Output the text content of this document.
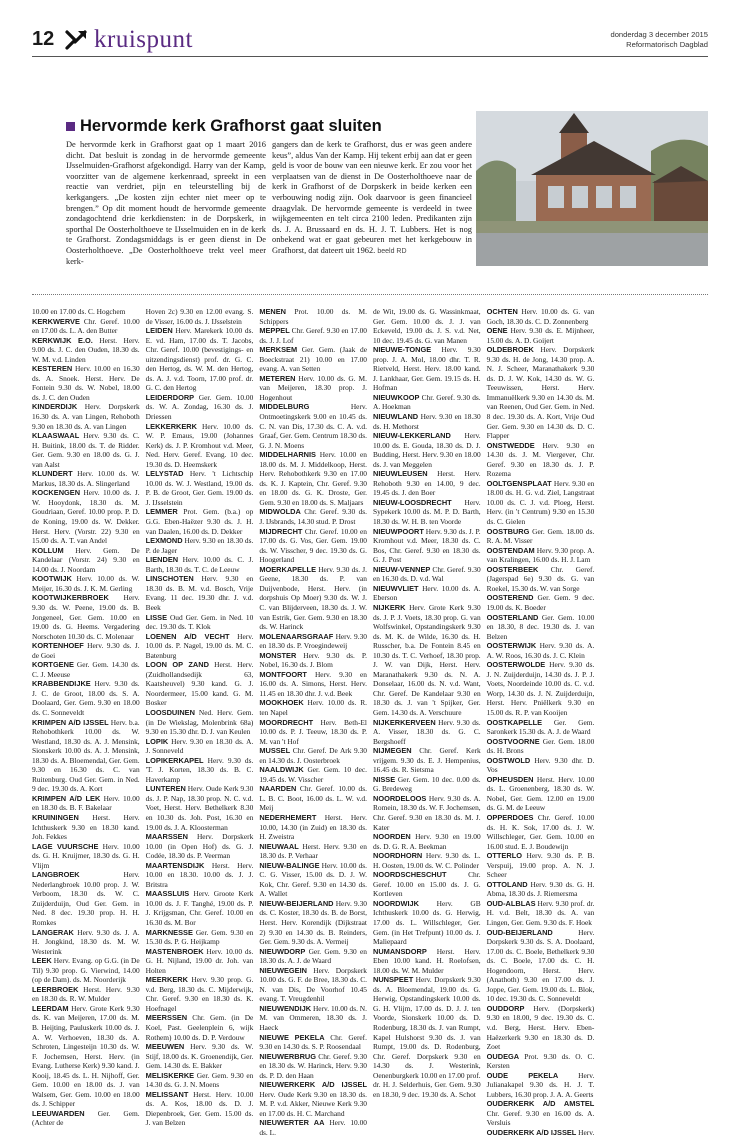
12 kruispunt	donderdag 3 december 2015
Reformatorisch Dagblad
Hervormde kerk Grafhorst gaat sluiten

De hervormde kerk in Grafhorst gaat op 1 maart 2016 dicht. Dat besluit is zondag in de hervormde gemeente IJsselmuiden-Grafhorst afgekondigd. Harry van der Kamp, voorzitter van de algemene kerkenraad, spreekt in een reactie van verdriet, pijn en teleurstelling bij de kerkgangers. „De kosten zijn echter niet meer op te brengen.” Op dit moment houdt de hervormde gemeente zondagochtend drie kerkdiensten: in de Dorpskerk, in sporthal De Oosterholthoeve te IJsselmuiden en in de kerk te Grafhorst. Zondagsmiddags is er geen dienst in De Oosterholthoeve. „De Oosterholthoeve trekt veel meer kerk-

gangers dan de kerk te Grafhorst, dus er was geen andere keus”, aldus Van der Kamp. Hij tekent erbij aan dat er geen geld is voor de bouw van een nieuwe kerk. Er zou voor het verplaatsen van de dienst in De Oosterholthoeve naar de kerk in Grafhorst of de Dorpskerk in beide kerken een verbouwing nodig zijn. Ook daarvoor is geen financieel draagvlak. De hervormde gemeente is verdeeld in twee wijkgemeenten en telt circa 2100 leden. Predikanten zijn ds. J. A. Brussaard en ds. H. J. T. Lubbers. Het is nog onbekend wat er gaat gebeuren met het kerkgebouw in Grafhorst, dat dateert uit 1962. beeld RD

10.00 en 17.00 ds. C. Hogchem
KERKWERVE Chr. Geref. 10.00 en 17.00 ds. L. A. den Butter
KERKWIJK E.O. Herst. Herv. 9.00 ds. J. C. den Ouden, 18.30 ds. W. M. v.d. Linden
KESTEREN Herv. 10.00 en 16.30 ds. A. Snoek. Herst. Herv. De Fontein 9.30 ds. W. Nobel, 18.00 ds. J. C. den Ouden
KINDERDIJK Herv. Dorpskerk 16.30 ds. A. van Lingen, Rehoboth 9.30 en 18.30 ds. A. van Lingen
KLAASWAAL Herv. 9.30 ds. C. H. Buitink, 18.00 ds. T. de Ridder. Ger. Gem. 9.30 en 18.00 ds. G. J. van Aalst
KLUNDERT Herv. 10.00 ds. W. Markus, 18.30 ds. A. Slingerland
KOCKENGEN Herv. 10.00 ds. J. W. Hooydonk, 18.30 ds. M. Goudriaan, Geref. 10.00 prop. P. D. de Koning, 19.00 ds. W. Dekker. Herst. Herv. (Vorstr. 22) 9.30 en 15.00 ds. A. T. van Andel
KOLLUM Herv. Gem. De Kandelaar (Vorstr. 24) 9.30 en 14.00 ds. J. Noordam
KOOTWIJK Herv. 10.00 ds. W. Meijer, 16.30 ds. J. K. M. Gerling
KOOTWIJKERBROEK Herv. 9.30 ds. W. Peene, 19.00 ds. B. Jongeneel, Ger. Gem. 10.00 en 19.00 ds. G. Heems. Vergadering Norschoten 10.30 ds. C. Molenaar
KORTENHOEF Herv. 9.30 ds. J. de Goei
KORTGENE Ger. Gem. 14.30 ds. C. J. Meeuse
KRABBENDIJKE Herv. 9.30 ds. J. C. de Groot, 18.00 ds. S. A. Doolaard, Ger. Gem. 9.30 en 18.00 ds. C. Sonneveldt
KRIMPEN A/D IJSSEL Herv. b.a. Rehobothkerk 10.00 ds. W. Westland, 18.30 ds. A. J. Mensink, Sionskerk 10.00 ds. A. J. Mensink, 18.30 ds. A. Bloemendal, Ger. Gem. 9.30 en 16.30 ds. C. van Ruitenburg. Oud Ger. Gem. in Ned. 9 dec. 19.30 ds. A. Kort
KRIMPEN A/D LEK Herv. 10.00 en 18.30 ds. B. F. Bakelaar
KRUININGEN Herst. Herv. Ichthuskerk 9.30 en 18.30 kand. Joh. Fekkes
LAGE VUURSCHE Herv. 10.00 ds. G. H. Kruijmer, 18.30 ds. G. H. Vlijm
LANGBROEK Herv. Nederlangbroek 10.00 prop. J. W. Verboom, 18.30 ds. W. C. Zuijderduijn, Oud Ger. Gem. in Ned. 8 dec. 19.30 prop. H. H. Romkes
LANGERAK Herv. 9.30 ds. J. A. H. Jongkind, 18.30 ds. M. W. Westerink
LEEK Herv. Evang. op G.G. (in De Til) 9.30 prop. G. Vierwind, 14.00 (op de Dam). ds. M. Noorderijk
LEERBROEK Herst. Herv. 9.30 en 18.30 ds. R. W. Mulder
LEERDAM Herv. Grote Kerk 9.30 ds. K. van Meijeren, 17.00 ds. M. B. Heijting, Pauluskerk 10.00 ds. J. A. W. Verhoeven, 18.30 ds. A. Schroten, Lingesteijn 10.30 ds. W. F. Jochemsen, Herst. Herv. (in Evang. Lutherse Kerk) 9.30 kand. J. Kooij, 18.45 ds. L. H. Nijhoff, Ger. Gem. 10.00 en 18.00 ds. J. van Walsem, Ger. Gem. 10.00 en 18.00 ds. J. Schipper
LEEUWARDEN Ger. Gem. (Achter de
Hoven 2c) 9.30 en 12.00 evang. S. de Visser, 16.00 ds. J. IJsselstein
LEIDEN Herv. Marekerk 10.00 ds. E. vd. Ham, 17.00 ds. T. Jacobs, Chr. Geref. 10.00 (bevestigings- en uitzendingsdienst) prof. dr. G. C. den Hertog, ds. W. M. den Hertog, ds. A. J. v.d. Toorn, 17.00 prof. dr. G. C. den Hertog
LEIDERDORP Ger. Gem. 10.00 ds. W. A. Zondag, 16.30 ds. J. Driessen
LEKKERKERK Herv. 10.00 ds. W. P. Emaus, 19.00 (Johannes Kerk) ds. J. P. Kromhout v.d. Meer, Ned. Herv. Geref. Evang. 10 dec. 19.30 ds. D. Heemskerk
LELYSTAD Herv. 't Lichtschip 10.00 ds. W. J. Westland, 19.00 ds. P. B. de Groot, Ger. Gem. 19.00 ds. J. IJsselstein
LEMMER Prot. Gem. (b.a.) op G.G. Eben-Haëzer 9.30 ds. J. H. van Daalen, 16.00 ds. D. Dekker
LEXMOND Herv. 9.30 en 18.30 ds. P. de Jager
LIENDEN Herv. 10.00 ds. C. J. Barth, 18.30 ds. T. C. de Leeuw
LINSCHOTEN Herv. 9.30 en 18.30 ds. B. M. v.d. Bosch, Vrije Evang. 11 dec. 19.30 dhr. J. v.d. Beek
LISSE Oud Ger. Gem. in Ned. 10 dec. 19.30 ds. T. Klok
LOENEN A/D VECHT Herv. 10.00 ds. P. Nagel, 19.00 ds. M. C. Batenburg
LOON OP ZAND Herst. Herv. (Zuidhollandsedijk 63, Kaatsheuvel) 9.30 kand. G. J. Noordermeer, 15.00 kand. G. M. Bosker
LOOSDUINEN Ned. Herv. Gem. (in De Wiekslag, Molenbrink 68a) 9.30 en 15.30 dhr. D. J. van Keulen
LOPIK Herv. 9.30 en 18.30 ds. A. J. Sonneveld
LOPIKERKAPEL Herv. 9.30 ds. 'T. J. Korten, 18.30 ds. B. C. Haverkamp
LUNTEREN Herv. Oude Kerk 9.30 ds. J. P. Nap, 18.30 prop. N. C. v.d. Voet, Herst. Herv. Bethelkerk 8.30 en 10.30 ds. Joh. Post, 16.30 en 19.00 ds. J. A. Kloosterman
MAARSSEN Herv. Dorpskerk 10.00 (in Open Hof) ds. G. J. Codée, 18.30 ds. P. Veerman
MAARTENSDIJK Herst. Herv. 10.00 en 18.30. 10.00 ds. J. J. Britstra
MAASSLUIS Herv. Groote Kerk 10.00 ds. J. F. Tanghé, 19.00 ds. P. J. Krijgsman, Chr. Geref. 10.00 en 16.30 ds. M. Bor
MARKNESSE Ger. Gem. 9.30 en 15.30 ds. P. G. Heijkamp
MASTENBROEK Herv. 10.00 ds. G. H. Nijland, 19.00 dr. Joh. van Holten
MEERKERK Herv. 9.30 prop. G. v.d. Berg, 18.30 ds. C. Mijderwijk, Chr. Geref. 9.30 en 18.30 ds. K. Hoefnagel
MEERSSEN Chr. Gem. (in De Koel, Past. Geelenplein 6, wijk Rothem) 10.00 ds. D. P. Verdouw
MEEUWEN Herv. 9.30 ds. W. Stijf, 18.00 ds. K. Groenendijk, Ger. Gem. 14.30 ds. E. Bakker
MELISKERKE Ger. Gem. 9.30 en 14.30 ds. G. J. N. Moens
MELISSANT Herst. Herv. 10.00 ds. A. Kos, 18.00 ds. D. J. Diepenbroek, Ger. Gem. 15.00 ds. J. van Belzen
MENEN Prot. 10.00 ds. M. Schippers
MEPPEL Chr. Geref. 9.30 en 17.00 ds. J. J. Lof
MERKSEM Ger. Gem. (Jaak de Boeckstraat 21) 10.00 en 17.00 evang. A. van Setten
METEREN Herv. 10.00 ds. G. M. van Meijeren, 18.30 prop. J. Hogenhout
MIDDELBURG Herv. Ontmoetingskerk 9.00 en 10.45 ds. C. N. van Dis, 17.30 ds. C. A. v.d. Graaf, Ger. Gem. Centrum 18.30 ds. G. J. N. Moens
MIDDELHARNIS Herv. 10.00 en 18.00 ds. M. J. Middelkoop, Herst. Herv. Rehobothkerk 9.30 en 17.00 ds. K. J. Kaptein, Chr. Geref. 9.30 en 18.00 ds. G. K. Droste, Ger. Gem. 9.30 en 18.00 ds. S. Maljaars
MIDWOLDA Chr. Geref. 9.30 ds. J. IJsbrands, 14.30 stud. P. Drost
MIJDRECHT Chr. Geref. 10.00 en 17.00 ds. G. Vos, Ger. Gem. 19.00 ds. W. Visscher, 9 dec. 19.30 ds. G. Hoogerland
MOERKAPELLE Herv. 9.30 ds. J. Geene, 18.30 ds. P. van Duijvenbode, Herst. Herv. (in dorpshuis Op Moer) 9.30 ds. W. J. C. van Blijderveen, 18.30 ds. J. W. van Estrik, Ger. Gem. 9.30 en 18.30 ds. W. Harinck
MOLENAARSGRAAF Herv. 9.30 en 18.30 ds. P. Vroegindeweij
MONSTER Herv. 9.30 ds. P. Nobel, 16.30 ds. J. Blom
MONTFOORT Herv. 9.30 en 16.00 ds. A. Simons, Herst. Herv. 11.45 en 18.30 dhr. J. v.d. Beek
MOOKHOEK Herv. 10.00 ds. R. ten Napel
MOORDRECHT Herv. Beth-El 10.00 ds. P. J. Teeuw, 18.30 ds. P. M. van 't Hof
MUSSEL Chr. Geref. De Ark 9.30 en 14.30 ds. J. Oosterbroek
NAALDWIJK Ger. Gem. 10 dec. 19.45 ds. W. Visscher
NAARDEN Chr. Geref. 10.00 ds. L. B. C. Boot, 16.00 ds. L. W. v.d. Meij
NEDERHEMERT Herst. Herv. 10.00, 14.30 (in Zuid) en 18.30 ds. H. Zweistra
NIEUWAAL Herst. Herv. 9.30 en 18.30 ds. P. Verhaar
NIEUW-BALINGE Herv. 10.00 ds. C. G. Visser, 15.00 ds. D. J. W. Kok, Chr. Geref. 9.30 en 14.30 ds. A. Wallet
NIEUW-BEIJERLAND Herv. 9.30 ds. C. Koster, 18.30 ds. B. de Borst, Herst. Herv. Korendijk (Dijkstraat 2) 9.30 en 14.30 ds. B. Reinders, Ger. Gem. 9.30 ds. A. Vermeij
NIEUWDORP Ger. Gem. 9.30 en 18.30 ds. A. J. de Waard
NIEUWEGEIN Herv. Dorpskerk 10.00 ds. G. F. de Bree, 18.30 ds. C. N. van Dis, De Voorhof 10.45 evang. T. Vreugdenhil
NIEUWENDIJK Herv. 10.00 ds. N. M. van Ommeren, 18.30 ds. J. Haeck
NIEUWE PEKELA Chr. Geref. 9.30 en 14.30 ds. S. P. Roosendaal
NIEUWERBRUG Chr. Geref. 9.30 en 18.30 ds. W. Harinck, Herv. 9.30 ds. P. D. den Haan
NIEUWERKERK A/D IJSSEL Herv. Oude Kerk 9.30 en 18.30 ds. M. P. v.d. Akker, Nieuwe Kerk 9.30 en 17.00 ds. H. C. Marchand
NIEUWERTER AA Herv. 10.00 ds. L.
de Wit, 19.00 ds. G. Wassinkmaat, Ger. Gem. 10.00 ds. J. J. van Eckeveld, 19.00 ds. J. S. v.d. Net, 10 dec. 19.45 ds. G. van Manen
NIEUWE-TONGE Herv. 9.30 prop. J. A. Mol, 18.00 dhr. T. R. Rietveld, Herst. Herv. 18.00 kand. J. Lankhaar, Ger. Gem. 19.15 ds. H. Hofman
NIEUWKOOP Chr. Geref. 9.30 ds. A. Hoekman
NIEUWLAND Herv. 9.30 en 18.30 ds. H. Methorst
NIEUW-LEKKERLAND Herv. 10.00 ds. E. Gouda, 18.30 ds. D. J. Budding, Herst. Herv. 9.30 en 18.00 ds. J. van Meggelen
NIEUWLEUSEN Herst. Herv. Rehoboth 9.30 en 14.00, 9 dec. 19.45 ds. J. den Boer
NIEUW-LOOSDRECHT Herv. Sypekerk 10.00 ds. M. P. D. Barth, 18.30 ds. W. H. B. ten Voorde
NIEUWPOORT Herv. 9.30 ds. J. P. Kromhout v.d. Meer, 18.30 ds. C. Bos, Chr. Geref. 9.30 en 18.30 ds. G. J. Post
NIEUW-VENNEP Chr. Geref. 9.30 en 16.30 ds. D. v.d. Wal
NIEUWVLIET Herv. 10.00 ds. A. Eberson
NIJKERK Herv. Grote Kerk 9.30 ds. J. P. J. Voets, 18.30 prop. G. van Wolfswinkel, Opstandingskerk 9.30 ds. M. K. de Wilde, 16.30 ds. H. Russcher, b.a. De Fontein 8.45 en 10.30 ds. T. C. Verhoef, 18.30 prop. J. W. van Dijk, Herst. Herv. Maranathakerk 9.30 ds. N. A. Donselaar, 16.00 ds. N. v.d. Want, Chr. Geref. De Kandelaar 9.30 en 18.30 ds. J. van 't Spijker, Ger. Gem. 14.30 ds. A. Verschuure
NIJKERKERVEEN Herv. 9.30 ds. A. Visser, 18.30 ds. G. C. Bergshoeff
NIJMEGEN Chr. Geref. Kerk vrijgem. 9.30 ds. E. J. Hempenius, 16.45 ds. R. Sietsma
NISSE Ger. Gem. 10 dec. 0.00 ds. G. Bredeweg
NOORDELOOS Herv. 9.30 ds. A. Romein, 18.30 ds. W. F. Jochemsen, Chr. Geref. 9.30 en 18.30 ds. M. J. Kater
NOORDEN Herv. 9.30 en 19.00 ds. D. G. R. A. Beekman
NOORDHORN Herv. 9.30 ds. L. H. Oosten, 19.00 ds. W. C. Polinder
NOORDSCHESCHUT Chr. Geref. 10.00 en 15.00 ds. J. G. Kortleven
NOORDWIJK Herv. GB Ichthuskerk 10.00 ds. G. Herwig, 17.00 ds. L. Willschleger, Ger. Gem. (in Het Trefpunt) 10.00 ds. J. Maliepaard
NUMANSDORP Herst. Herv. Eben 10.00 kand. H. Roelofsen, 18.00 ds. W. M. Mulder
NUNSPEET Herv. Dorpskerk 9.30 ds. A. Bloemendal, 19.00 ds. G. Herwig, Opstandingskerk 10.00 ds. G. H. Vlijm, 17.00 ds. D. J. J. ten Voorde, Sionskerk 10.00 ds. D. Rodenburg, 18.30 ds. J. van Rumpt, Kapel Hulshorst 9.30 ds. J. van Rumpt, 19.00 ds. D. Rodenburg, Chr. Geref. Dorpskerk 9.30 en 14.30 ds. J. Westerink, Oenenburgkerk 10.00 en 17.00 prof. dr. H. J. Selderhuis, Ger. Gem. 9.30 en 18.30, 9 dec. 19.30 ds. A. Schot
OCHTEN Herv. 10.00 ds. G. van Goch, 18.30 ds. C. D. Zonnenberg
OENE Herv. 9.30 ds. E. Mijnheer, 15.00 ds. A. D. Goijert
OLDEBROEK Herv. Dorpskerk 9.30 ds. H. de Jong, 14.30 prop. A. N. J. Scheer, Maranathakerk 9.30 ds. D. J. W. Kok, 14.30 ds. W. G. Teeuwissen, Herst. Herv. Immanuëlkerk 9.30 en 14.30 ds. M. van Reenen, Oud Ger. Gem. in Ned. 8 dec. 19.30 ds. A. Kort, Vrije Oud Ger. Gem. 9.30 en 14.30 ds. D. C. Flapper
ONSTWEDDE Herv. 9.30 en 14.30 ds. J. M. Viergever, Chr. Geref. 9.30 en 18.30 ds. J. P. Rozema
OOLTGENSPLAAT Herv. 9.30 en 18.00 ds. H. G. v.d. Ziel, Langstraat 10.00 ds. C. J. v.d. Ploeg, Herst. Herv. (in 't Centrum) 9.30 en 15.30 ds. C. Gielen
OOSTBURG Ger. Gem. 18.00 ds. R. A. M. Visser
OOSTENDAM Herv. 9.30 prop. A. van Kralingen, 16.00 ds. H. J. Lam
OOSTERBEEK Chr. Geref. (Jagerspad 6e) 9.30 ds. G. van Roekel, 15.30 ds. W. van Sorge
OOSTEREND Ger. Gem. 9 dec. 19.00 ds. K. Boeder
OOSTERLAND Ger. Gem. 10.00 en 18.30, 8 dec. 19.30 ds. J. van Belzen
OOSTERWIJK Herv. 9.30 ds. A. A. W. Roos, 16.30 ds. J. C. Klein
OOSTERWOLDE Herv. 9.30 ds. J. N. Zuijderduijn, 14.30 ds. J. P. J. Voets, Noordeinde 10.00 ds. C. v.d. Worp, 14.30 ds. J. N. Zuijderduijn, Herst. Herv. Pniëlkerk 9.30 en 15.00 ds. R. P. van Kooijen
OOSTKAPELLE Ger. Gem. Saronkerk 15.30 ds. A. J. de Waard
OOSTVOORNE Ger. Gem. 18.00 ds. H. Brons
OOSTWOLD Herv. 9.30 dhr. D. Vos
OPHEUSDEN Herst. Herv. 10.00 ds. L. Groenenberg, 18.30 ds. W. Nobel, Ger. Gem. 12.00 en 19.00 ds. G. M. de Leeuw
OPPERDOES Chr. Geref. 10.00 ds. H. K. Sok, 17.00 ds. J. W. Willschleger, Ger. Gem. 10.00 en 16.00 stud. E. J. Boudewijn
OTTERLO Herv. 9.30 ds. P. B. Verspuij, 19.00 prop. A. N. J. Scheer
OTTOLAND Herv. 9.30 ds. G. H. Abma, 18.30 ds. J. Riemersma
OUD-ALBLAS Herv. 9.30 prof. dr. H. v.d. Belt, 18.30 ds. A. van Lingen, Ger. Gem. 9.30 ds. F. Hoek
OUD-BEIJERLAND Herv. Dorpskerk 9.30 ds. S. A. Doolaard, 17.00 ds. C. Boele, Bethelkerk 9.30 ds. C. Boele, 17.00 ds. C. H. Hogendoorn, Herst. Herv. (Anathoth) 9.30 en 17.00 ds. J. Joppe, Ger. Gem. 19.00 ds. L. Blok, 10 dec. 19.30 ds. C. Sonneveldt
OUDDORP Herv. (Dorpskerk) 9.30 en 18.00, 9 dec. 19.30 ds. C. v.d. Berg, Herst. Herv. Eben-Haëzerkerk 9.30 en 18.30 ds. D. Zoet
OUDEGA Prot. 9.30 ds. O. C. Kersten
OUDE PEKELA Herv. Julianakapel 9.30 ds. H. J. T. Lubbers, 16.30 prop. J. A. A. Geerts
OUDERKERK A/D AMSTEL Chr. Geref. 9.30 en 16.00 ds. A. Versluis
OUDERKERK A/D IJSSEL Herv.
